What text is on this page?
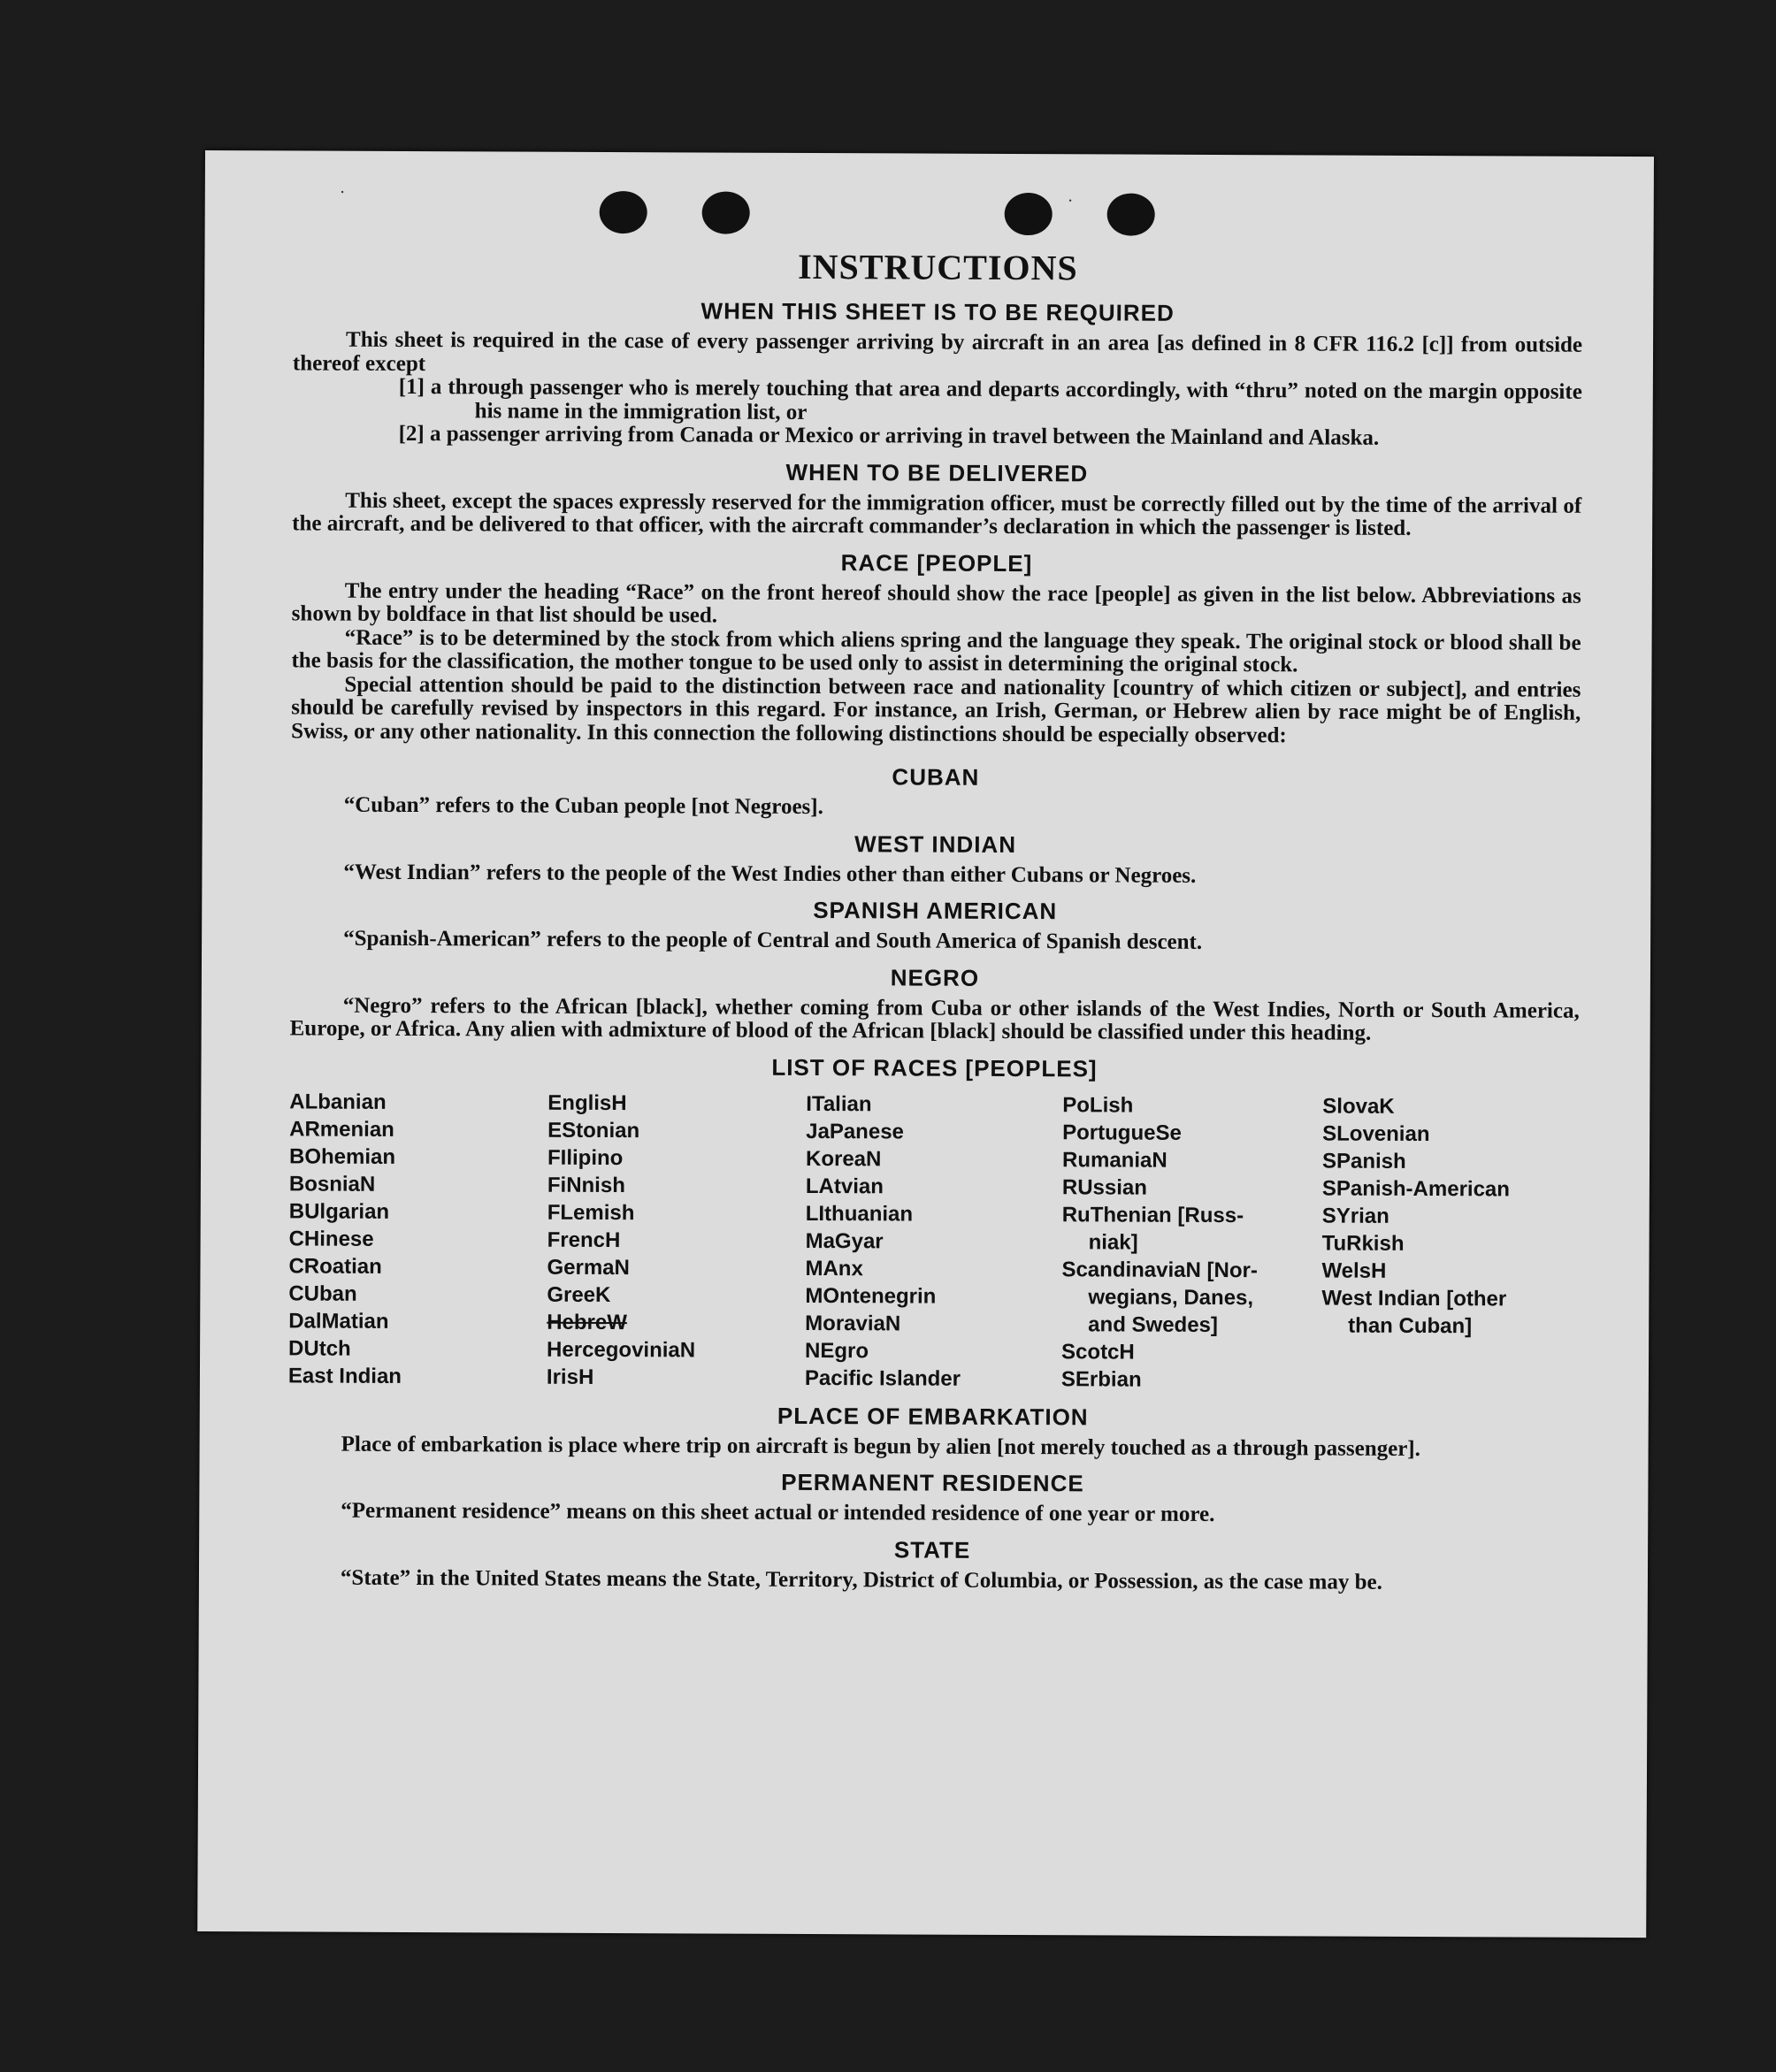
·	·
INSTRUCTIONS
WHEN THIS SHEET IS TO BE REQUIRED

This sheet is required in the case of every passenger arriving by aircraft in an area [as defined in 8 CFR 116.2 [c]] from outside thereof except

[1] a through passenger who is merely touching that area and departs accordingly, with “thru” noted on the margin opposite his name in the immigration list, or

[2] a passenger arriving from Canada or Mexico or arriving in travel between the Mainland and Alaska.

WHEN TO BE DELIVERED

This sheet, except the spaces expressly reserved for the immigration officer, must be correctly filled out by the time of the arrival of the aircraft, and be delivered to that officer, with the aircraft commander’s declaration in which the passenger is listed.

RACE [PEOPLE]

The entry under the heading “Race” on the front hereof should show the race [people] as given in the list below. Abbreviations as shown by boldface in that list should be used.

“Race” is to be determined by the stock from which aliens spring and the language they speak. The original stock or blood shall be the basis for the classification, the mother tongue to be used only to assist in determining the original stock.

Special attention should be paid to the distinction between race and nationality [country of which citizen or subject], and entries should be carefully revised by inspectors in this regard. For instance, an Irish, German, or Hebrew alien by race might be of English, Swiss, or any other nationality. In this connection the following distinctions should be especially observed:

CUBAN

“Cuban” refers to the Cuban people [not Negroes].

WEST INDIAN

“West Indian” refers to the people of the West Indies other than either Cubans or Negroes.

SPANISH AMERICAN

“Spanish-American” refers to the people of Central and South America of Spanish descent.

NEGRO

“Negro” refers to the African [black], whether coming from Cuba or other islands of the West Indies, North or South America, Europe, or Africa. Any alien with admixture of blood of the African [black] should be classified under this heading.

LIST OF RACES [PEOPLES]
ALbanian
ARmenian
BOhemian
BosniaN
BUlgarian
CHinese
CRoatian
CUban
DalMatian
DUtch
East Indian
EnglisH
EStonian
FIlipino
FiNnish
FLemish
FrencH
GermaN
GreeK
HebreW
HercegoviniaN
IrisH
ITalian
JaPanese
KoreaN
LAtvian
LIthuanian
MaGyar
MAnx
MOntenegrin
MoraviaN
NEgro
Pacific Islander
PoLish
PortugueSe
RumaniaN
RUssian
RuThenian [Russ-
niak]
ScandinaviaN [Nor-
wegians, Danes,
and Swedes]
ScotcH
SErbian
SlovaK
SLovenian
SPanish
SPanish-American
SYrian
TuRkish
WelsH
West Indian [other
than Cuban]
PLACE OF EMBARKATION

Place of embarkation is place where trip on aircraft is begun by alien [not merely touched as a through passenger].

PERMANENT RESIDENCE

“Permanent residence” means on this sheet actual or intended residence of one year or more.

STATE

“State” in the United States means the State, Territory, District of Columbia, or Possession, as the case may be.
